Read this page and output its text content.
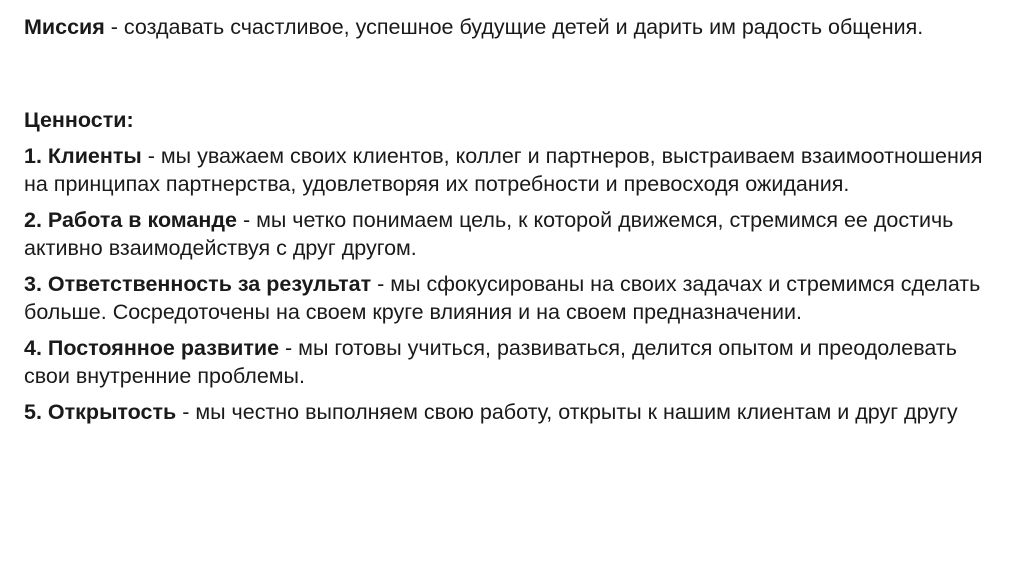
Миссия - создавать счастливое, успешное будущие детей и дарить им радость общения.

Ценности:
1. Клиенты - мы уважаем своих клиентов, коллег и партнеров, выстраиваем взаимоотношения на принципах партнерства, удовлетворяя их потребности и превосходя ожидания.
2. Работа в команде - мы четко понимаем цель, к которой движемся, стремимся ее достичь активно взаимодействуя с друг другом.
3. Ответственность за результат - мы сфокусированы на своих задачах и стремимся сделать больше. Сосредоточены на своем круге влияния и на своем предназначении.
4. Постоянное развитие - мы готовы учиться, развиваться, делится опытом и преодолевать свои внутренние проблемы.
5. Открытость - мы честно выполняем свою работу, открыты к нашим клиентам и друг другу
